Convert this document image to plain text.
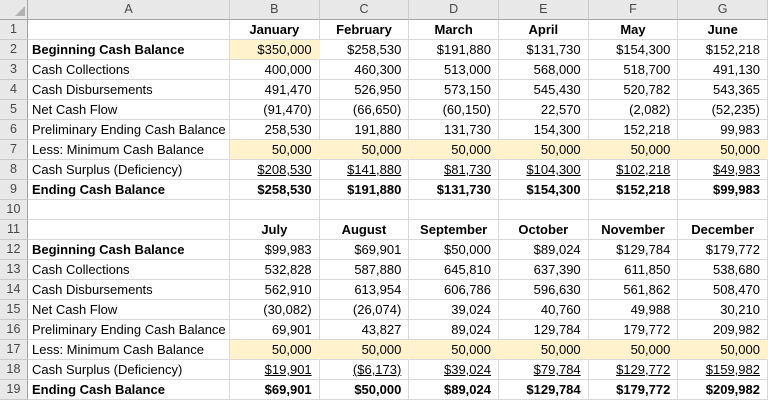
A	B	C	D	E	F	G
1	January	February	March	April	May	June
2	Beginning Cash Balance	$350,000	$258,530	$191,880	$131,730	$154,300	$152,218
3	Cash Collections	400,000	460,300	513,000	568,000	518,700	491,130
4	Cash Disbursements	491,470	526,950	573,150	545,430	520,782	543,365
5	Net Cash Flow	(91,470)	(66,650)	(60,150)	22,570	(2,082)	(52,235)
6	Preliminary Ending Cash Balance	258,530	191,880	131,730	154,300	152,218	99,983
7	Less: Minimum Cash Balance	50,000	50,000	50,000	50,000	50,000	50,000
8	Cash Surplus (Deficiency)	$208,530	$141,880	$81,730	$104,300	$102,218	$49,983
9	Ending Cash Balance	$258,530	$191,880	$131,730	$154,300	$152,218	$99,983
10
11	July	August	September	October	November	December
12 Beginning Cash Balance	$99,983	$69,901	$50,000	$89,024	$129,784	$179,772
13 Cash Collections	532,828	587,880	645,810	637,390	611,850	538,680
14 Cash Disbursements	562,910	613,954	606,786	596,630	561,862	508,470
15 Net Cash Flow	(30,082)	(26,074)	39,024	40,760	49,988	30,210
16 Preliminary Ending Cash Balance	69,901	43,827	89,024	129,784	179,772	209,982
17 Less: Minimum Cash Balance	50,000	50,000	50,000	50,000	50,000	50,000
18 Cash Surplus (Deficiency)	$19,901	($6,173)	$39,024	$79,784	$129,772	$159,982
19 Ending Cash Balance	$69,901	$50,000	$89,024	$129,784	$179,772	$209,982
